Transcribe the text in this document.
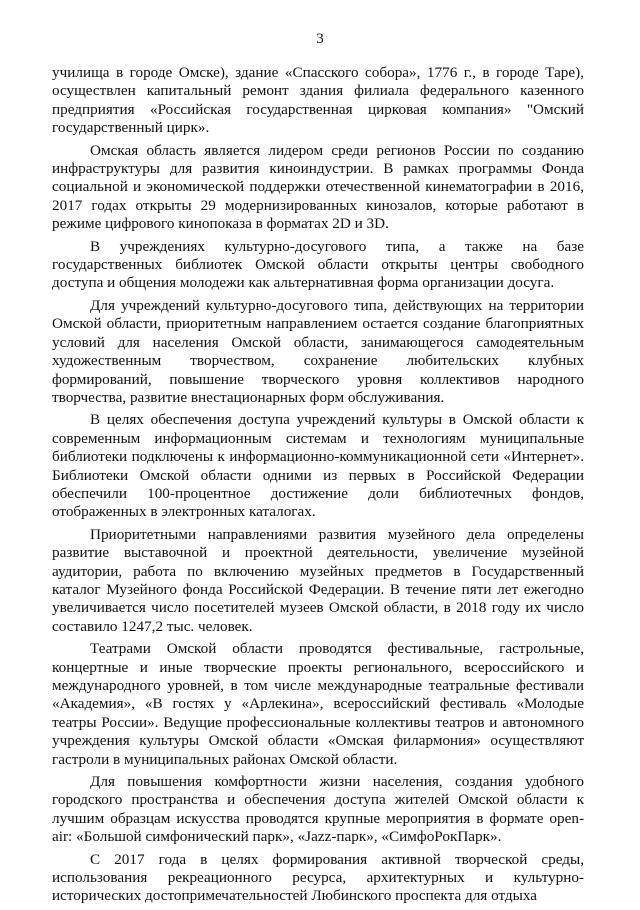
3

училища в городе Омске), здание «Спасского собора», 1776 г., в городе Таре), осуществлен капитальный ремонт здания филиала федерального казенного предприятия «Российская государственная цирковая компания» "Омский государственный цирк».

Омская область является лидером среди регионов России по созданию инфраструктуры для развития киноиндустрии. В рамках программы Фонда социальной и экономической поддержки отечественной кинематографии в 2016, 2017 годах открыты 29 модернизированных кинозалов, которые работают в режиме цифрового кинопоказа в форматах 2D и 3D.

В учреждениях культурно-досугового типа, а также на базе государственных библиотек Омской области открыты центры свободного доступа и общения молодежи как альтернативная форма организации досуга.

Для учреждений культурно-досугового типа, действующих на территории Омской области, приоритетным направлением остается создание благоприятных условий для населения Омской области, занимающегося самодеятельным художественным творчеством, сохранение любительских клубных формирований, повышение творческого уровня коллективов народного творчества, развитие внестационарных форм обслуживания.

В целях обеспечения доступа учреждений культуры в Омской области к современным информационным системам и технологиям муниципальные библиотеки подключены к информационно-коммуникационной сети «Интернет». Библиотеки Омской области одними из первых в Российской Федерации обеспечили 100-процентное достижение доли библиотечных фондов, отображенных в электронных каталогах.

Приоритетными направлениями развития музейного дела определены развитие выставочной и проектной деятельности, увеличение музейной аудитории, работа по включению музейных предметов в Государственный каталог Музейного фонда Российской Федерации. В течение пяти лет ежегодно увеличивается число посетителей музеев Омской области, в 2018 году их число составило 1247,2 тыс. человек.

Театрами Омской области проводятся фестивальные, гастрольные, концертные и иные творческие проекты регионального, всероссийского и международного уровней, в том числе международные театральные фестивали «Академия», «В гостях у «Арлекина», всероссийский фестиваль «Молодые театры России». Ведущие профессиональные коллективы театров и автономного учреждения культуры Омской области «Омская филармония» осуществляют гастроли в муниципальных районах Омской области.

Для повышения комфортности жизни населения, создания удобного городского пространства и обеспечения доступа жителей Омской области к лучшим образцам искусства проводятся крупные мероприятия в формате open-air: «Большой симфонический парк», «Jazz-парк», «СимфоРокПарк».

С 2017 года в целях формирования активной творческой среды, использования рекреационного ресурса, архитектурных и культурно-исторических достопримечательностей Любинского проспекта для отдыха
